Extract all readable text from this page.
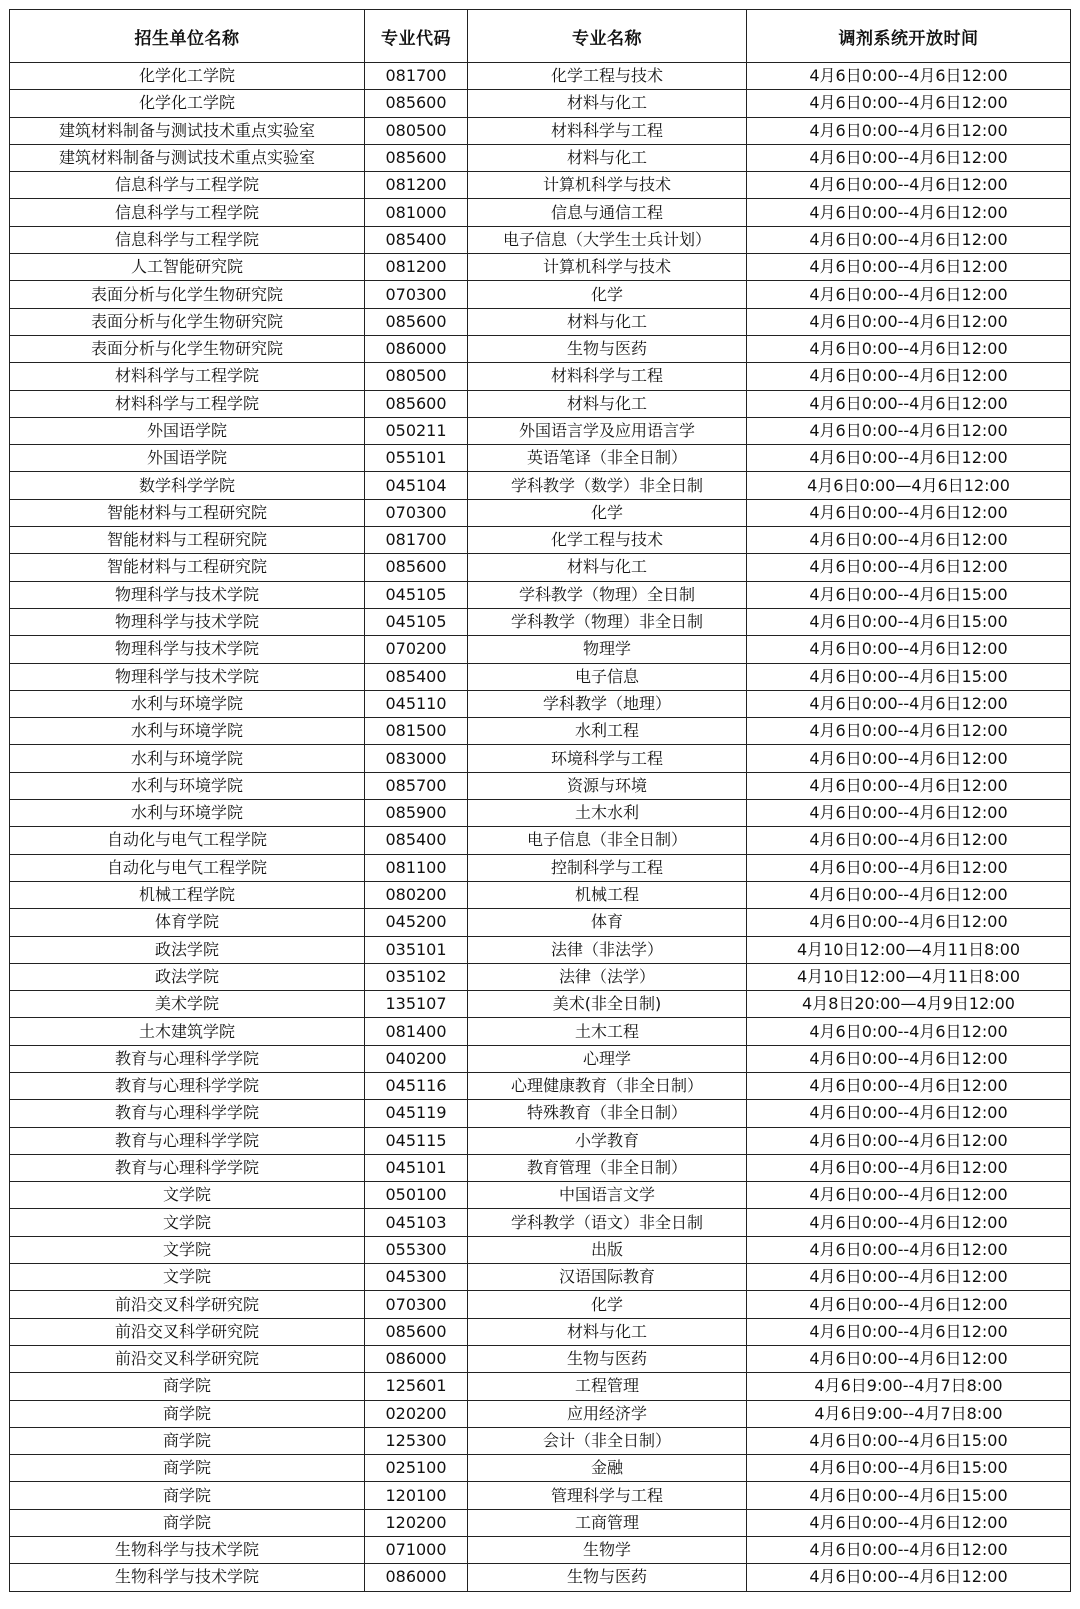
招生单位名称	专业代码	专业名称	调剂系统开放时间
化学化工学院	081700	化学工程与技术	4月6日0:00--4月6日12:00
化学化工学院	085600	材料与化工	4月6日0:00--4月6日12:00
建筑材料制备与测试技术重点实验室	080500	材料科学与工程	4月6日0:00--4月6日12:00
建筑材料制备与测试技术重点实验室	085600	材料与化工	4月6日0:00--4月6日12:00
信息科学与工程学院	081200	计算机科学与技术	4月6日0:00--4月6日12:00
信息科学与工程学院	081000	信息与通信工程	4月6日0:00--4月6日12:00
信息科学与工程学院	085400	电子信息（大学生士兵计划）	4月6日0:00--4月6日12:00
人工智能研究院	081200	计算机科学与技术	4月6日0:00--4月6日12:00
表面分析与化学生物研究院	070300	化学	4月6日0:00--4月6日12:00
表面分析与化学生物研究院	085600	材料与化工	4月6日0:00--4月6日12:00
表面分析与化学生物研究院	086000	生物与医药	4月6日0:00--4月6日12:00
材料科学与工程学院	080500	材料科学与工程	4月6日0:00--4月6日12:00
材料科学与工程学院	085600	材料与化工	4月6日0:00--4月6日12:00
外国语学院	050211	外国语言学及应用语言学	4月6日0:00--4月6日12:00
外国语学院	055101	英语笔译（非全日制）	4月6日0:00--4月6日12:00
数学科学学院	045104	学科教学（数学）非全日制	4月6日0:00—4月6日12:00
智能材料与工程研究院	070300	化学	4月6日0:00--4月6日12:00
智能材料与工程研究院	081700	化学工程与技术	4月6日0:00--4月6日12:00
智能材料与工程研究院	085600	材料与化工	4月6日0:00--4月6日12:00
物理科学与技术学院	045105	学科教学（物理）全日制	4月6日0:00--4月6日15:00
物理科学与技术学院	045105	学科教学（物理）非全日制	4月6日0:00--4月6日15:00
物理科学与技术学院	070200	物理学	4月6日0:00--4月6日12:00
物理科学与技术学院	085400	电子信息	4月6日0:00--4月6日15:00
水利与环境学院	045110	学科教学（地理）	4月6日0:00--4月6日12:00
水利与环境学院	081500	水利工程	4月6日0:00--4月6日12:00
水利与环境学院	083000	环境科学与工程	4月6日0:00--4月6日12:00
水利与环境学院	085700	资源与环境	4月6日0:00--4月6日12:00
水利与环境学院	085900	土木水利	4月6日0:00--4月6日12:00
自动化与电气工程学院	085400	电子信息（非全日制）	4月6日0:00--4月6日12:00
自动化与电气工程学院	081100	控制科学与工程	4月6日0:00--4月6日12:00
机械工程学院	080200	机械工程	4月6日0:00--4月6日12:00
体育学院	045200	体育	4月6日0:00--4月6日12:00
政法学院	035101	法律（非法学）	4月10日12:00—4月11日8:00
政法学院	035102	法律（法学）	4月10日12:00—4月11日8:00
美术学院	135107	美术(非全日制)	4月8日20:00—4月9日12:00
土木建筑学院	081400	土木工程	4月6日0:00--4月6日12:00
教育与心理科学学院	040200	心理学	4月6日0:00--4月6日12:00
教育与心理科学学院	045116	心理健康教育（非全日制）	4月6日0:00--4月6日12:00
教育与心理科学学院	045119	特殊教育（非全日制）	4月6日0:00--4月6日12:00
教育与心理科学学院	045115	小学教育	4月6日0:00--4月6日12:00
教育与心理科学学院	045101	教育管理（非全日制）	4月6日0:00--4月6日12:00
文学院	050100	中国语言文学	4月6日0:00--4月6日12:00
文学院	045103	学科教学（语文）非全日制	4月6日0:00--4月6日12:00
文学院	055300	出版	4月6日0:00--4月6日12:00
文学院	045300	汉语国际教育	4月6日0:00--4月6日12:00
前沿交叉科学研究院	070300	化学	4月6日0:00--4月6日12:00
前沿交叉科学研究院	085600	材料与化工	4月6日0:00--4月6日12:00
前沿交叉科学研究院	086000	生物与医药	4月6日0:00--4月6日12:00
商学院	125601	工程管理	4月6日9:00--4月7日8:00
商学院	020200	应用经济学	4月6日9:00--4月7日8:00
商学院	125300	会计（非全日制）	4月6日0:00--4月6日15:00
商学院	025100	金融	4月6日0:00--4月6日15:00
商学院	120100	管理科学与工程	4月6日0:00--4月6日15:00
商学院	120200	工商管理	4月6日0:00--4月6日12:00
生物科学与技术学院	071000	生物学	4月6日0:00--4月6日12:00
生物科学与技术学院	086000	生物与医药	4月6日0:00--4月6日12:00
